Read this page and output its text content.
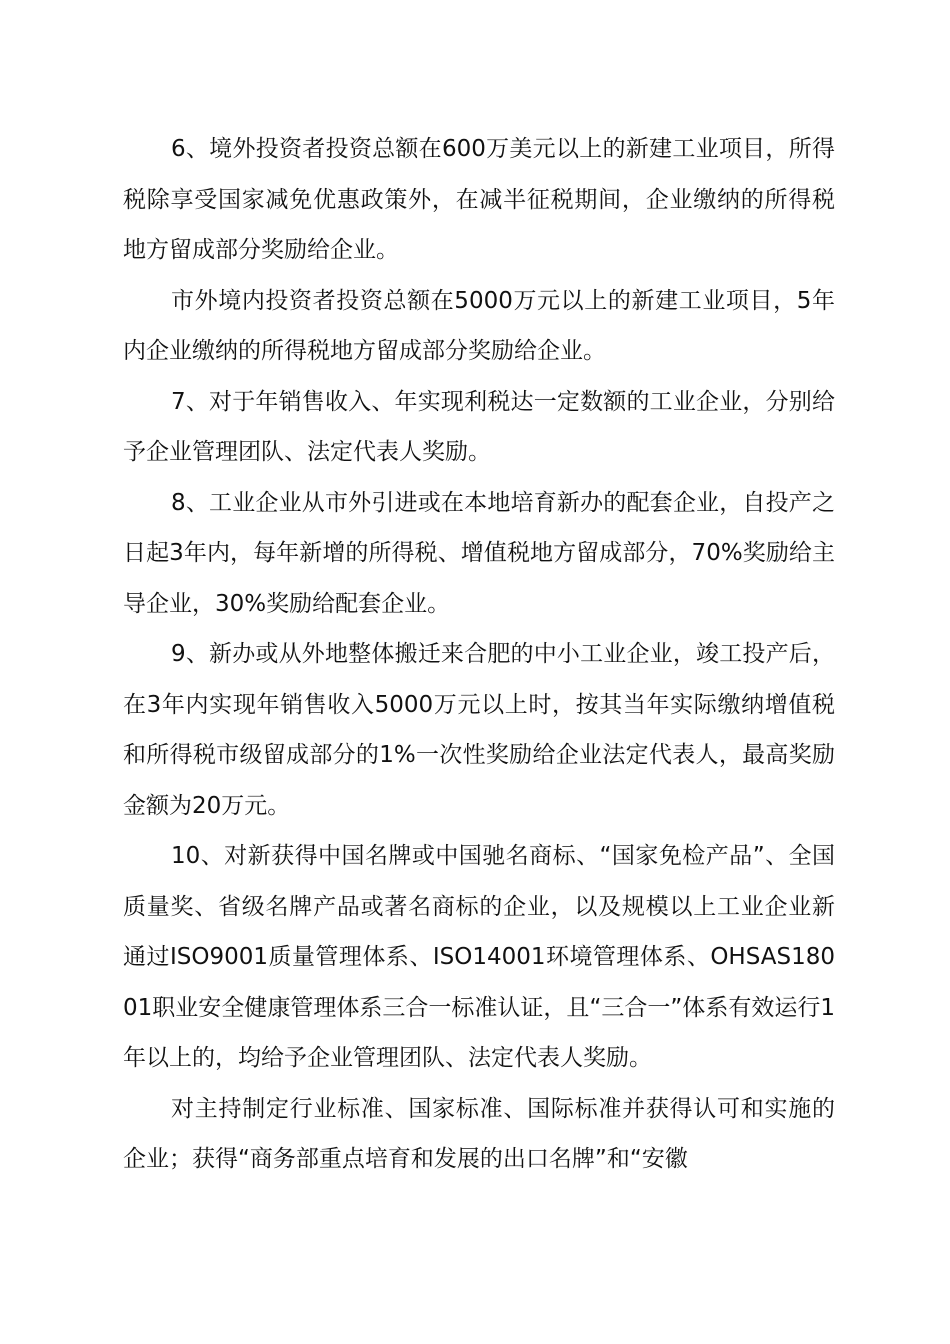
6、境外投资者投资总额在600万美元以上的新建工业项目，所得税除享受国家减免优惠政策外，在减半征税期间，企业缴纳的所得税地方留成部分奖励给企业。

市外境内投资者投资总额在5000万元以上的新建工业项目，5年内企业缴纳的所得税地方留成部分奖励给企业。

7、对于年销售收入、年实现利税达一定数额的工业企业，分别给予企业管理团队、法定代表人奖励。

8、工业企业从市外引进或在本地培育新办的配套企业，自投产之日起3年内，每年新增的所得税、增值税地方留成部分，70%奖励给主导企业，30%奖励给配套企业。

9、新办或从外地整体搬迁来合肥的中小工业企业，竣工投产后，在3年内实现年销售收入5000万元以上时，按其当年实际缴纳增值税和所得税市级留成部分的1%一次性奖励给企业法定代表人，最高奖励金额为20万元。

10、对新获得中国名牌或中国驰名商标、“国家免检产品”、全国质量奖、省级名牌产品或著名商标的企业，以及规模以上工业企业新通过ISO9001质量管理体系、ISO14001环境管理体系、OHSAS18001职业安全健康管理体系三合一标准认证，且“三合一”体系有效运行1年以上的，均给予企业管理团队、法定代表人奖励。

对主持制定行业标准、国家标准、国际标准并获得认可和实施的企业；获得“商务部重点培育和发展的出口名牌”和“安徽
